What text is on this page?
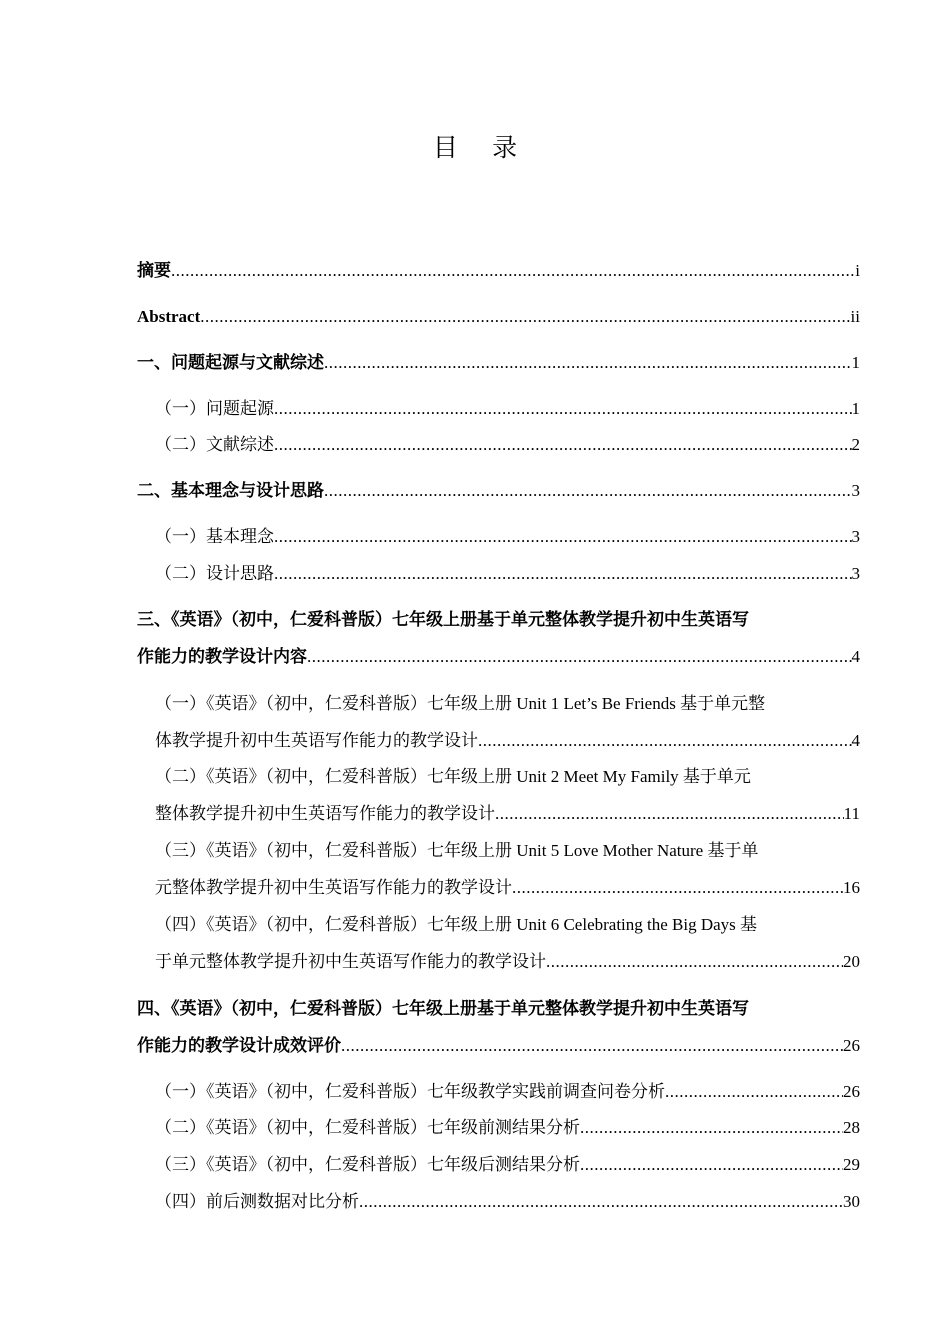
目 录
摘要 .....	i
Abstract .....	ii
一、问题起源与文献综述 .....	1
（一）问题起源 .....	1
（二）文献综述 .....	2
二、基本理念与设计思路 .....	3
（一）基本理念 .....	3
（二）设计思路 .....	3
三、《英语》（初中，仁爱科普版）七年级上册基于单元整体教学提升初中生英语写
作能力的教学设计内容 .....	4
（一）《英语》（初中，仁爱科普版）七年级上册 Unit 1 Let’s Be Friends 基于单元整
体教学提升初中生英语写作能力的教学设计 .....	4
（二）《英语》（初中，仁爱科普版）七年级上册 Unit 2 Meet My Family 基于单元
整体教学提升初中生英语写作能力的教学设计 .....	11
（三）《英语》（初中，仁爱科普版）七年级上册 Unit 5 Love Mother Nature 基于单
元整体教学提升初中生英语写作能力的教学设计 .....	16
（四）《英语》（初中，仁爱科普版）七年级上册 Unit 6 Celebrating the Big Days 基
于单元整体教学提升初中生英语写作能力的教学设计 .....	20
四、《英语》（初中，仁爱科普版）七年级上册基于单元整体教学提升初中生英语写
作能力的教学设计成效评价 .....	26
（一）《英语》（初中，仁爱科普版）七年级教学实践前调查问卷分析 .....	26
（二）《英语》（初中，仁爱科普版）七年级前测结果分析 .....	28
（三）《英语》（初中，仁爱科普版）七年级后测结果分析 .....	29
（四）前后测数据对比分析 .....	30
